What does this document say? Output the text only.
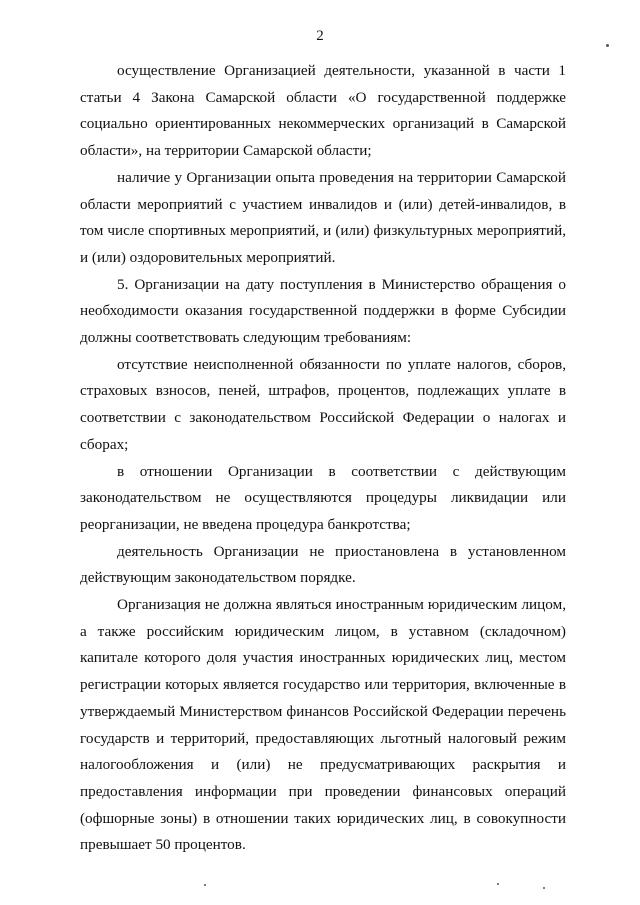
2

осуществление Организацией деятельности, указанной в части 1 статьи 4 Закона Самарской области «О государственной поддержке социально ориентированных некоммерческих организаций в Самарской области», на территории Самарской области;

наличие у Организации опыта проведения на территории Самарской области мероприятий с участием инвалидов и (или) детей-инвалидов, в том числе спортивных мероприятий, и (или) физкультурных мероприятий, и (или) оздоровительных мероприятий.

5. Организации на дату поступления в Министерство обращения о необходимости оказания государственной поддержки в форме Субсидии должны соответствовать следующим требованиям:

отсутствие неисполненной обязанности по уплате налогов, сборов, страховых взносов, пеней, штрафов, процентов, подлежащих уплате в соответствии с законодательством Российской Федерации о налогах и сборах;

в отношении Организации в соответствии с действующим законодательством не осуществляются процедуры ликвидации или реорганизации, не введена процедура банкротства;

деятельность Организации не приостановлена в установленном действующим законодательством порядке.

Организация не должна являться иностранным юридическим лицом, а также российским юридическим лицом, в уставном (складочном) капитале которого доля участия иностранных юридических лиц, местом регистрации которых является государство или территория, включенные в утверждаемый Министерством финансов Российской Федерации перечень государств и территорий, предоставляющих льготный налоговый режим налогообложения и (или) не предусматривающих раскрытия и предоставления информации при проведении финансовых операций (офшорные зоны) в отношении таких юридических лиц, в совокупности превышает 50 процентов.
